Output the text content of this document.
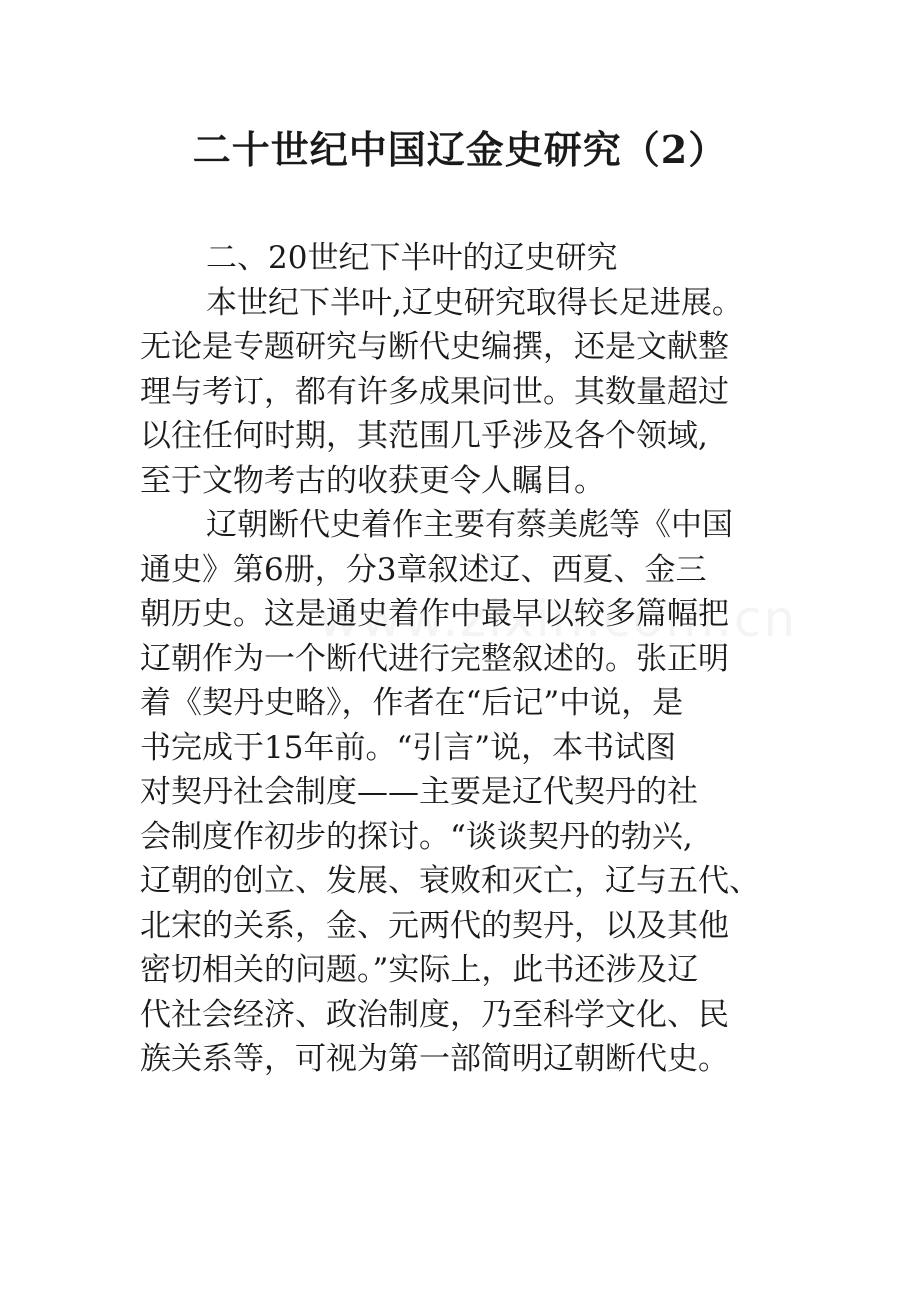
二十世纪中国辽金史研究（2）
二、20世纪下半叶的辽史研究
本世纪下半叶,辽史研究取得长足进展。
无论是专题研究与断代史编撰，还是文献整
理与考订，都有许多成果问世。其数量超过
以往任何时期，其范围几乎涉及各个领域,
至于文物考古的收获更令人瞩目。
辽朝断代史着作主要有蔡美彪等《中国
通史》第6册，分3章叙述辽、西夏、金三
朝历史。这是通史着作中最早以较多篇幅把
辽朝作为一个断代进行完整叙述的。张正明
着《契丹史略》，作者在“后记”中说，是
书完成于15年前。“引言”说，本书试图
对契丹社会制度——主要是辽代契丹的社
会制度作初步的探讨。“谈谈契丹的勃兴,
辽朝的创立、发展、衰败和灭亡，辽与五代、
北宋的关系，金、元两代的契丹，以及其他
密切相关的问题。”实际上，此书还涉及辽
代社会经济、政治制度，乃至科学文化、民
族关系等，可视为第一部简明辽朝断代史。
